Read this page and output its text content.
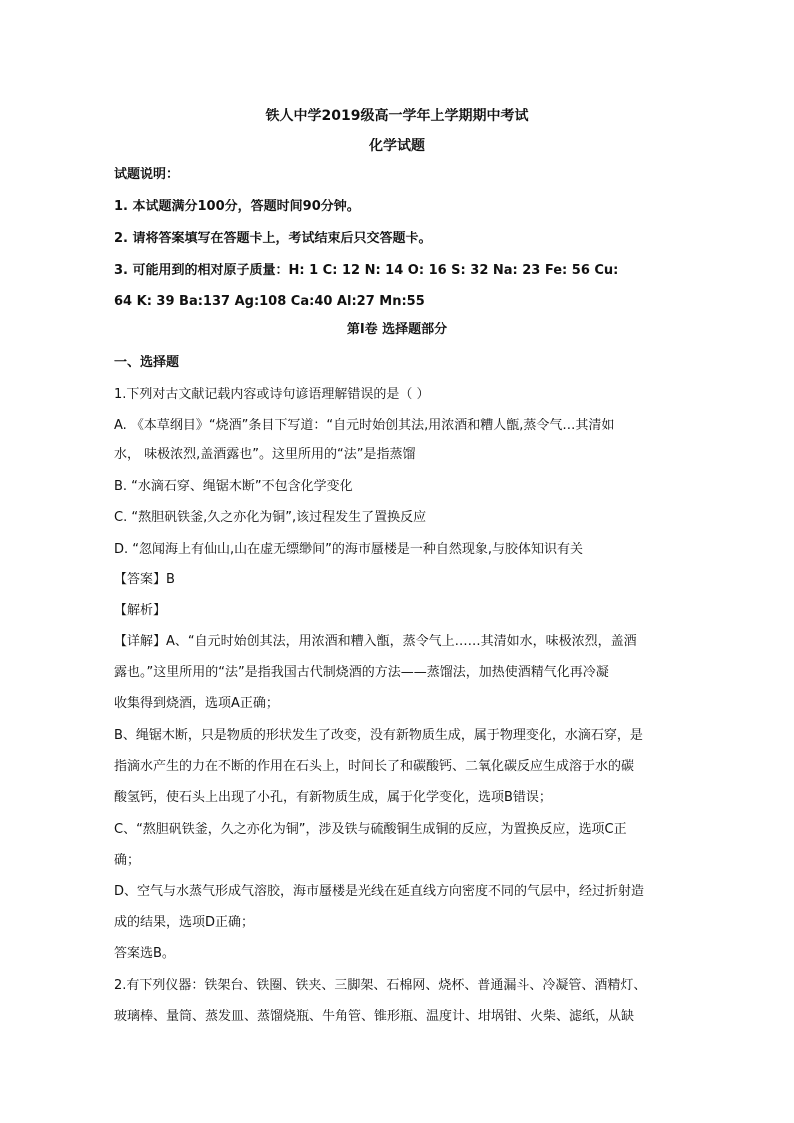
铁人中学2019级高一学年上学期期中考试
化学试题
试题说明：
1. 本试题满分100分，答题时间90分钟。
2. 请将答案填写在答题卡上，考试结束后只交答题卡。
3. 可能用到的相对原子质量：H: 1 C: 12 N: 14 O: 16 S: 32 Na: 23 Fe: 56 Cu:
64 K: 39 Ba:137 Ag:108 Ca:40 Al:27 Mn:55
第Ⅰ卷 选择题部分
一、选择题
1.下列对古文献记载内容或诗句谚语理解错误的是（ ）
A. 《本草纲目》“烧酒”条目下写道：“自元时始创其法,用浓酒和糟人甑,蒸令气…其清如
水， 味极浓烈,盖酒露也”。这里所用的“法”是指蒸馏
B. “水滴石穿、绳锯木断”不包含化学变化
C. “熬胆矾铁釜,久之亦化为铜”,该过程发生了置换反应
D. “忽闻海上有仙山,山在虚无缥缈间”的海市蜃楼是一种自然现象,与胶体知识有关
【答案】B
【解析】
【详解】A、“自元时始创其法，用浓酒和糟入甑，蒸令气上……其清如水，味极浓烈，盖酒
露也。”这里所用的“法”是指我国古代制烧酒的方法——蒸馏法，加热使酒精气化再冷凝
收集得到烧酒，选项A正确；
B、绳锯木断，只是物质的形状发生了改变，没有新物质生成，属于物理变化，水滴石穿，是
指滴水产生的力在不断的作用在石头上，时间长了和碳酸钙、二氧化碳反应生成溶于水的碳
酸氢钙，使石头上出现了小孔，有新物质生成，属于化学变化，选项B错误；
C、“熬胆矾铁釜，久之亦化为铜”，涉及铁与硫酸铜生成铜的反应，为置换反应，选项C正
确；
D、空气与水蒸气形成气溶胶，海市蜃楼是光线在延直线方向密度不同的气层中，经过折射造
成的结果，选项D正确；
答案选B。
2.有下列仪器：铁架台、铁圈、铁夹、三脚架、石棉网、烧杯、普通漏斗、冷凝管、酒精灯、
玻璃棒、量筒、蒸发皿、蒸馏烧瓶、牛角管、锥形瓶、温度计、坩埚钳、火柴、滤纸，从缺
